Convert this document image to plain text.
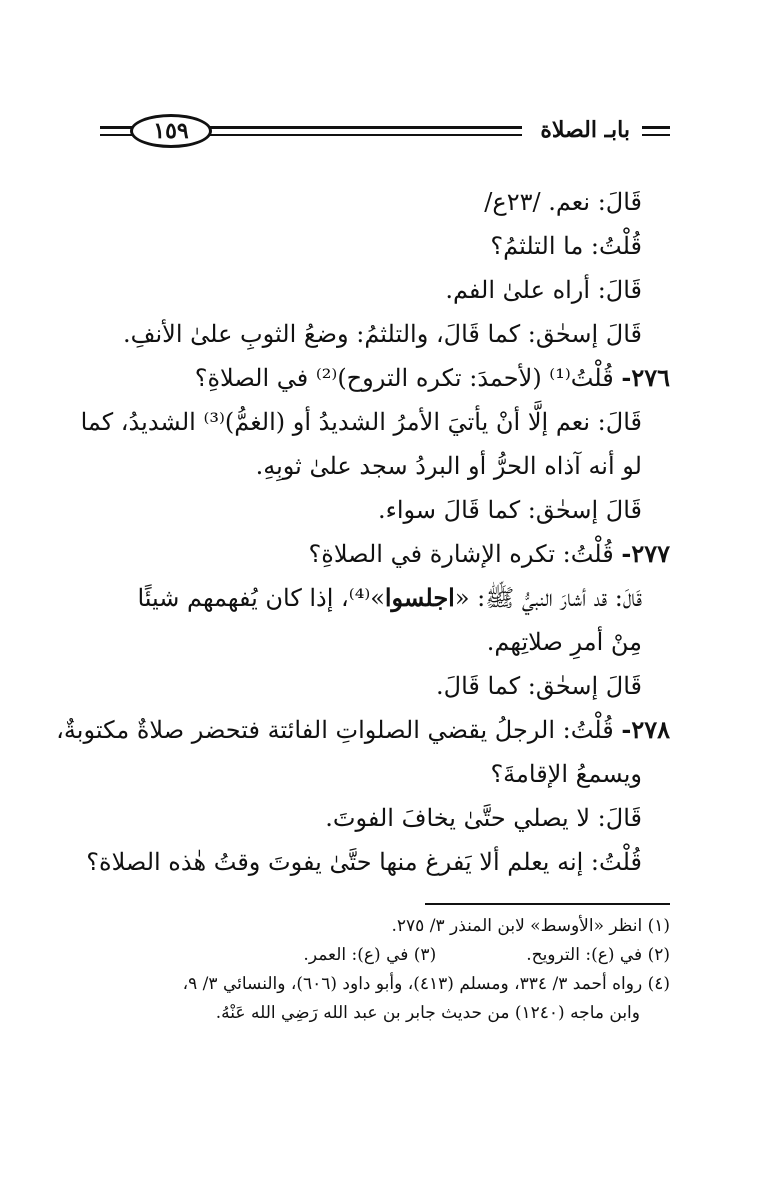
١٥٩	بابـ الصلاة
قَالَ: نعم. /٢٣ع/
قُلْتُ: ما التلثمُ؟
قَالَ: أراه علىٰ الفم.
قَالَ إسحٰق: كما قَالَ، والتلثمُ: وضعُ الثوبِ علىٰ الأنفِ.
٢٧٦- قُلْتُ⁽¹⁾ (لأحمدَ: تكره التروح)⁽²⁾ في الصلاةِ؟
قَالَ: نعم إلَّا أنْ يأتيَ الأمرُ الشديدُ أو (الغمُّ)⁽³⁾ الشديدُ، كما
لو أنه آذاه الحرُّ أو البردُ سجد علىٰ ثوبِهِ.
قَالَ إسحٰق: كما قَالَ سواء.
٢٧٧- قُلْتُ: تكره الإشارة في الصلاةِ؟
قَالَ: قد أشارَ النبيُّ ﷺ: «اجلسوا»⁽⁴⁾، إذا كان يُفهمهم شيئًا
مِنْ أمرِ صلاتِهم.
قَالَ إسحٰق: كما قَالَ.
٢٧٨- قُلْتُ: الرجلُ يقضي الصلواتِ الفائتة فتحضر صلاةٌ مكتوبةٌ،
ويسمعُ الإقامةَ؟
قَالَ: لا يصلي حتَّىٰ يخافَ الفوتَ.
قُلْتُ: إنه يعلم ألا يَفرغ منها حتَّىٰ يفوتَ وقتُ هٰذه الصلاة؟
(١) انظر «الأوسط» لابن المنذر ٣/ ٢٧٥.
(٢) في (ع): الترويح.
(٣) في (ع): العمر.
(٤) رواه أحمد ٣/ ٣٣٤، ومسلم (٤١٣)، وأبو داود (٦٠٦)، والنسائي ٣/ ٩،
وابن ماجه (١٢٤٠) من حديث جابر بن عبد الله رَضِي الله عَنْهُ.
